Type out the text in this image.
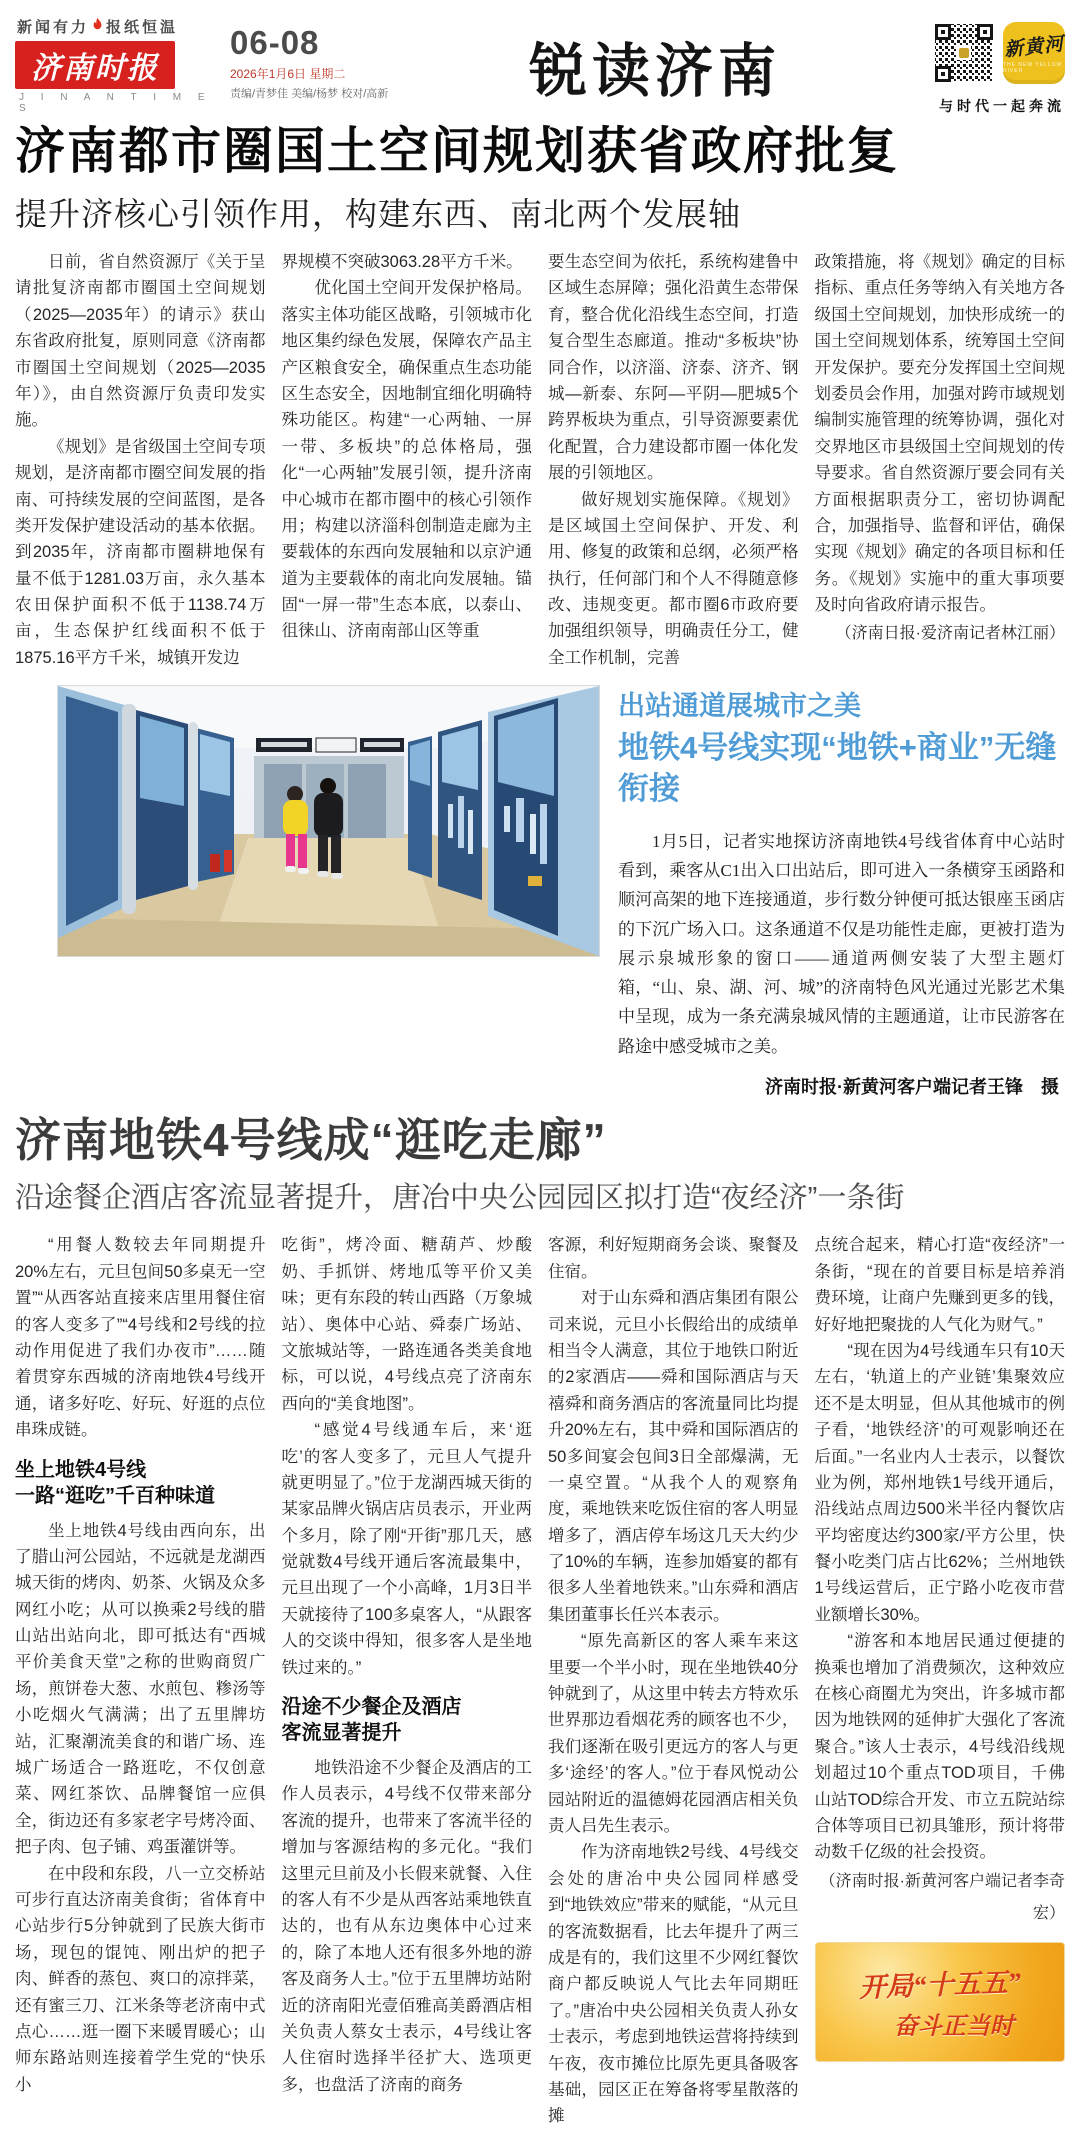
新闻有力 报纸恒温
济南时报
J I N A N T I M E S
06-08
2026年1月6日 星期二
责编/青梦佳 美编/杨梦 校对/高新	锐读济南	新黄河
THE NEW YELLOW RIVER
与时代一起奔流
济南都市圈国土空间规划获省政府批复
提升济核心引领作用，构建东西、南北两个发展轴

日前，省自然资源厅《关于呈请批复济南都市圈国土空间规划（2025—2035年）的请示》获山东省政府批复，原则同意《济南都市圈国土空间规划（2025—2035年）》，由自然资源厅负责印发实施。

《规划》是省级国土空间专项规划，是济南都市圈空间发展的指南、可持续发展的空间蓝图，是各类开发保护建设活动的基本依据。到2035年，济南都市圈耕地保有量不低于1281.03万亩，永久基本农田保护面积不低于1138.74万亩，生态保护红线面积不低于1875.16平方千米，城镇开发边

界规模不突破3063.28平方千米。

优化国土空间开发保护格局。落实主体功能区战略，引领城市化地区集约绿色发展，保障农产品主产区粮食安全，确保重点生态功能区生态安全，因地制宜细化明确特殊功能区。构建“一心两轴、一屏一带、多板块”的总体格局，强化“一心两轴”发展引领，提升济南中心城市在都市圈中的核心引领作用；构建以济淄科创制造走廊为主要载体的东西向发展轴和以京沪通道为主要载体的南北向发展轴。锚固“一屏一带”生态本底，以泰山、徂徕山、济南南部山区等重

要生态空间为依托，系统构建鲁中区域生态屏障；强化沿黄生态带保育，整合优化沿线生态空间，打造复合型生态廊道。推动“多板块”协同合作，以济淄、济泰、济齐、钢城—新泰、东阿—平阴—肥城5个跨界板块为重点，引导资源要素优化配置，合力建设都市圈一体化发展的引领地区。

做好规划实施保障。《规划》是区域国土空间保护、开发、利用、修复的政策和总纲，必须严格执行，任何部门和个人不得随意修改、违规变更。都市圈6市政府要加强组织领导，明确责任分工，健全工作机制，完善

政策措施，将《规划》确定的目标指标、重点任务等纳入有关地方各级国土空间规划，加快形成统一的国土空间规划体系，统筹国土空间开发保护。要充分发挥国土空间规划委员会作用，加强对跨市域规划编制实施管理的统筹协调，强化对交界地区市县级国土空间规划的传导要求。省自然资源厅要会同有关方面根据职责分工，密切协调配合，加强指导、监督和评估，确保实现《规划》确定的各项目标和任务。《规划》实施中的重大事项要及时向省政府请示报告。

（济南日报·爱济南记者林江丽）

出站通道展城市之美
地铁4号线实现“地铁+商业”无缝衔接

1月5日，记者实地探访济南地铁4号线省体育中心站时看到，乘客从C1出入口出站后，即可进入一条横穿玉函路和顺河高架的地下连接通道，步行数分钟便可抵达银座玉函店的下沉广场入口。这条通道不仅是功能性走廊，更被打造为展示泉城形象的窗口——通道两侧安装了大型主题灯箱，“山、泉、湖、河、城”的济南特色风光通过光影艺术集中呈现，成为一条充满泉城风情的主题通道，让市民游客在路途中感受城市之美。

济南时报·新黄河客户端记者王锋　摄
济南地铁4号线成“逛吃走廊”
沿途餐企酒店客流显著提升，唐冶中央公园园区拟打造“夜经济”一条街

“用餐人数较去年同期提升20%左右，元旦包间50多桌无一空置”“从西客站直接来店里用餐住宿的客人变多了”“4号线和2号线的拉动作用促进了我们办夜市”……随着贯穿东西城的济南地铁4号线开通，诸多好吃、好玩、好逛的点位串珠成链。

坐上地铁4号线
一路“逛吃”千百种味道

坐上地铁4号线由西向东，出了腊山河公园站，不远就是龙湖西城天街的烤肉、奶茶、火锅及众多网红小吃；从可以换乘2号线的腊山站出站向北，即可抵达有“西城平价美食天堂”之称的世购商贸广场，煎饼卷大葱、水煎包、糁汤等小吃烟火气满满；出了五里牌坊站，汇聚潮流美食的和谐广场、连城广场适合一路逛吃，不仅创意菜、网红茶饮、品牌餐馆一应俱全，街边还有多家老字号烤冷面、把子肉、包子铺、鸡蛋灌饼等。

在中段和东段，八一立交桥站可步行直达济南美食街；省体育中心站步行5分钟就到了民族大街市场，现包的馄饨、刚出炉的把子肉、鲜香的蒸包、爽口的凉拌菜，还有蜜三刀、江米条等老济南中式点心……逛一圈下来暖胃暖心；山师东路站则连接着学生党的“快乐小

吃街”，烤冷面、糖葫芦、炒酸奶、手抓饼、烤地瓜等平价又美味；更有东段的转山西路（万象城站）、奥体中心站、舜泰广场站、文旅城站等，一路连通各类美食地标，可以说，4号线点亮了济南东西向的“美食地图”。

“感觉4号线通车后，来‘逛吃’的客人变多了，元旦人气提升就更明显了。”位于龙湖西城天街的某家品牌火锅店店员表示，开业两个多月，除了刚“开街”那几天，感觉就数4号线开通后客流最集中，元旦出现了一个小高峰，1月3日半天就接待了100多桌客人，“从跟客人的交谈中得知，很多客人是坐地铁过来的。”

沿途不少餐企及酒店
客流显著提升

地铁沿途不少餐企及酒店的工作人员表示，4号线不仅带来部分客流的提升，也带来了客流半径的增加与客源结构的多元化。“我们这里元旦前及小长假来就餐、入住的客人有不少是从西客站乘地铁直达的，也有从东边奥体中心过来的，除了本地人还有很多外地的游客及商务人士。”位于五里牌坊站附近的济南阳光壹佰雅高美爵酒店相关负责人蔡女士表示，4号线让客人住宿时选择半径扩大、选项更多，也盘活了济南的商务

客源，利好短期商务会谈、聚餐及住宿。

对于山东舜和酒店集团有限公司来说，元旦小长假给出的成绩单相当令人满意，其位于地铁口附近的2家酒店——舜和国际酒店与天禧舜和商务酒店的客流量同比均提升20%左右，其中舜和国际酒店的50多间宴会包间3日全部爆满，无一桌空置。“从我个人的观察角度，乘地铁来吃饭住宿的客人明显增多了，酒店停车场这几天大约少了10%的车辆，连参加婚宴的都有很多人坐着地铁来。”山东舜和酒店集团董事长任兴本表示。

“原先高新区的客人乘车来这里要一个半小时，现在坐地铁40分钟就到了，从这里中转去方特欢乐世界那边看烟花秀的顾客也不少，我们逐渐在吸引更远方的客人与更多‘途经’的客人。”位于春风悦动公园站附近的温德姆花园酒店相关负责人吕先生表示。

作为济南地铁2号线、4号线交会处的唐冶中央公园同样感受到“地铁效应”带来的赋能，“从元旦的客流数据看，比去年提升了两三成是有的，我们这里不少网红餐饮商户都反映说人气比去年同期旺了。”唐冶中央公园相关负责人孙女士表示，考虑到地铁运营将持续到午夜，夜市摊位比原先更具备吸客基础，园区正在筹备将零星散落的摊

点统合起来，精心打造“夜经济”一条街，“现在的首要目标是培养消费环境，让商户先赚到更多的钱，好好地把聚拢的人气化为财气。”

“现在因为4号线通车只有10天左右，‘轨道上的产业链’集聚效应还不是太明显，但从其他城市的例子看，‘地铁经济’的可观影响还在后面。”一名业内人士表示，以餐饮业为例，郑州地铁1号线开通后，沿线站点周边500米半径内餐饮店平均密度达约300家/平方公里，快餐小吃类门店占比62%；兰州地铁1号线运营后，正宁路小吃夜市营业额增长30%。

“游客和本地居民通过便捷的换乘也增加了消费频次，这种效应在核心商圈尤为突出，许多城市都因为地铁网的延伸扩大强化了客流聚合。”该人士表示，4号线沿线规划超过10个重点TOD项目，千佛山站TOD综合开发、市立五院站综合体等项目已初具雏形，预计将带动数千亿级的社会投资。

（济南时报·新黄河客户端记者李奇宏）

开局“十五五”
奋斗正当时
